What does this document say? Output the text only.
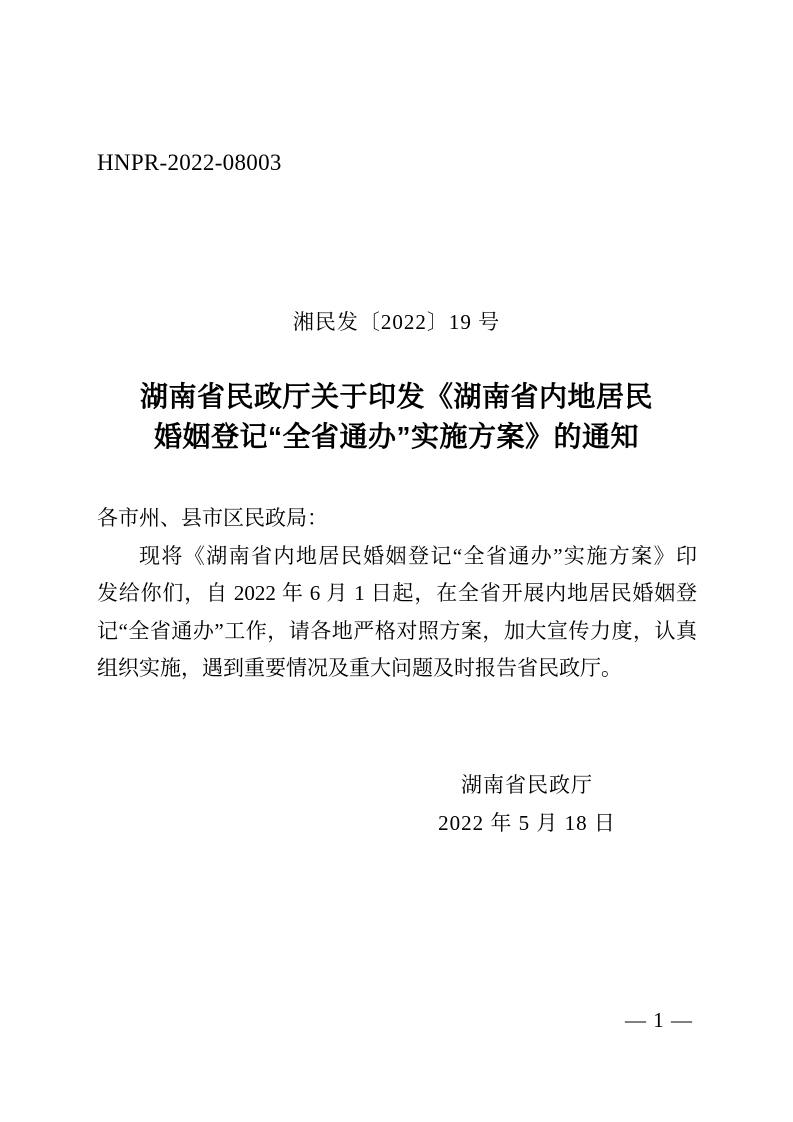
HNPR-2022-08003
湘民发〔2022〕19 号
湖南省民政厅关于印发《湖南省内地居民
婚姻登记“全省通办”实施方案》的通知
各市州、县市区民政局：
现将《湖南省内地居民婚姻登记“全省通办”实施方案》印
发给你们，自 2022 年 6 月 1 日起，在全省开展内地居民婚姻登
记“全省通办”工作，请各地严格对照方案，加大宣传力度，认真
组织实施，遇到重要情况及重大问题及时报告省民政厅。
湖南省民政厅
2022 年 5 月 18 日
— 1 —
